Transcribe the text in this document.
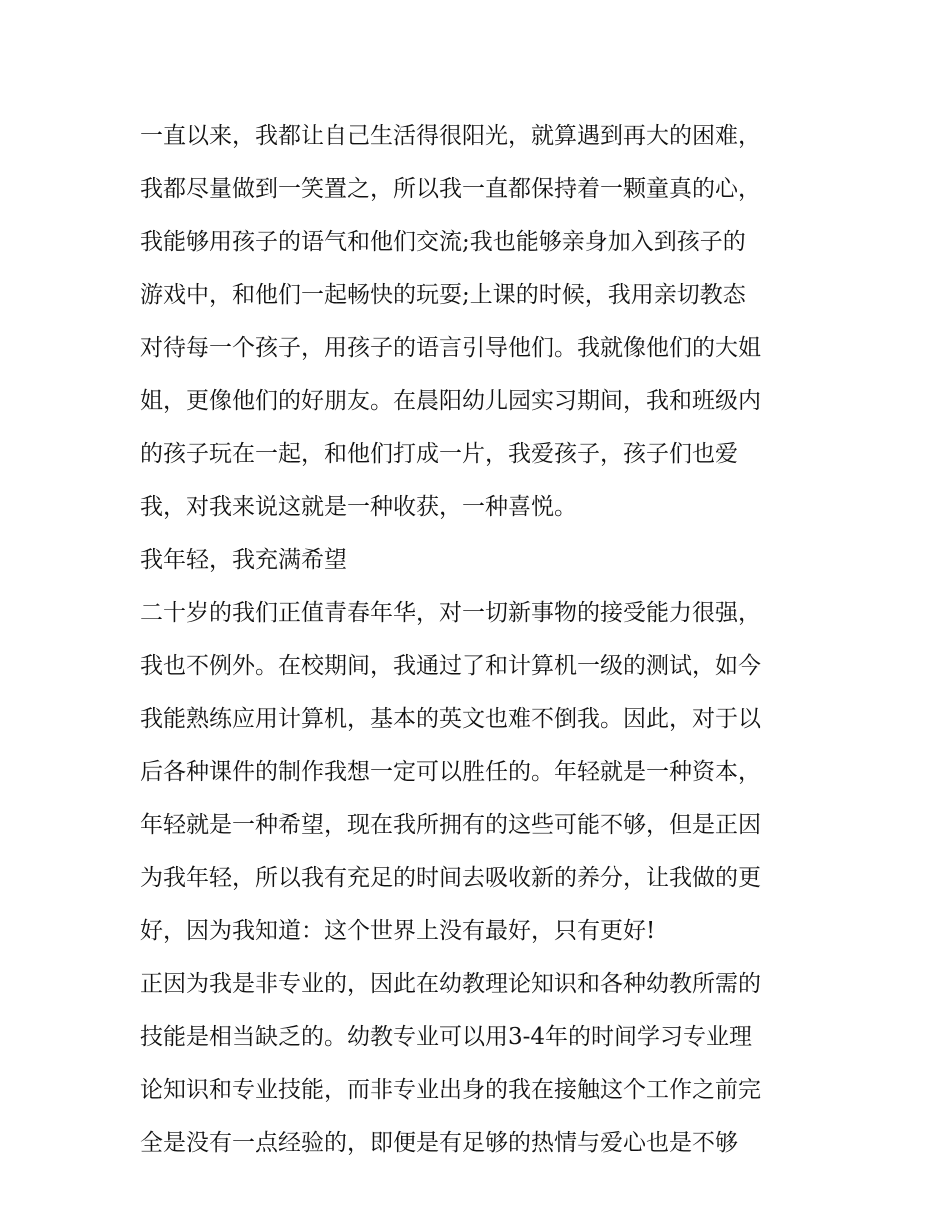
一直以来，我都让自己生活得很阳光，就算遇到再大的困难，

我都尽量做到一笑置之，所以我一直都保持着一颗童真的心，

我能够用孩子的语气和他们交流;我也能够亲身加入到孩子的

游戏中，和他们一起畅快的玩耍;上课的时候，我用亲切教态

对待每一个孩子，用孩子的语言引导他们。我就像他们的大姐

姐，更像他们的好朋友。在晨阳幼儿园实习期间，我和班级内

的孩子玩在一起，和他们打成一片，我爱孩子，孩子们也爱

我，对我来说这就是一种收获，一种喜悦。

我年轻，我充满希望

二十岁的我们正值青春年华，对一切新事物的接受能力很强，

我也不例外。在校期间，我通过了和计算机一级的测试，如今

我能熟练应用计算机，基本的英文也难不倒我。因此，对于以

后各种课件的制作我想一定可以胜任的。年轻就是一种资本，

年轻就是一种希望，现在我所拥有的这些可能不够，但是正因

为我年轻，所以我有充足的时间去吸收新的养分，让我做的更

好，因为我知道：这个世界上没有最好，只有更好!

正因为我是非专业的，因此在幼教理论知识和各种幼教所需的

技能是相当缺乏的。幼教专业可以用3-4年的时间学习专业理

论知识和专业技能，而非专业出身的我在接触这个工作之前完

全是没有一点经验的，即便是有足够的热情与爱心也是不够
